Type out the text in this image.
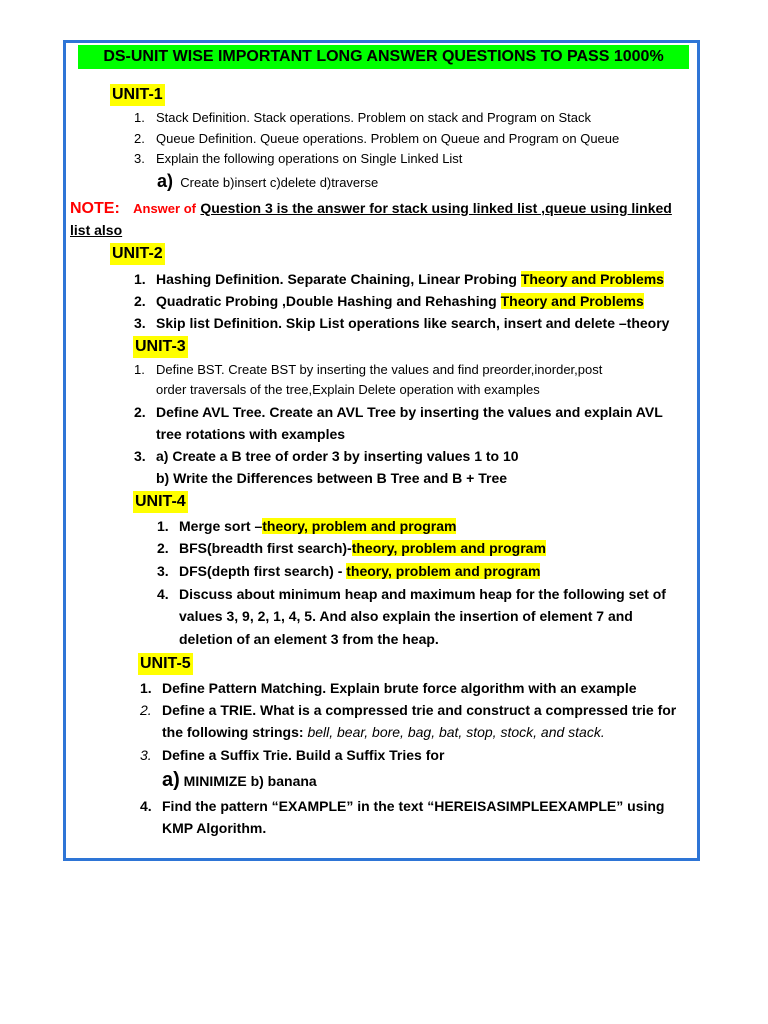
DS-UNIT WISE IMPORTANT LONG ANSWER QUESTIONS TO PASS 1000%
UNIT-1
1. Stack Definition. Stack operations. Problem on stack and Program on Stack
2. Queue Definition. Queue operations. Problem on Queue and Program on Queue
3. Explain the following operations on Single Linked List
a) Create b)insert c)delete d)traverse
NOTE: Answer of Question 3 is the answer for stack using linked list ,queue using linked
list also
UNIT-2
1. Hashing Definition. Separate Chaining, Linear Probing Theory and Problems
2. Quadratic Probing ,Double Hashing and Rehashing Theory and Problems
3. Skip list Definition. Skip List operations like search, insert and delete –theory
UNIT-3
1. Define BST. Create BST by inserting the values and find preorder,inorder,post
order traversals of the tree,Explain Delete operation with examples
2. Define AVL Tree. Create an AVL Tree by inserting the values and explain AVL
tree rotations with examples
3. a) Create a B tree of order 3 by inserting values 1 to 10
b) Write the Differences between B Tree and B + Tree
UNIT-4
1. Merge sort –theory, problem and program
2. BFS(breadth first search)-theory, problem and program
3. DFS(depth first search) - theory, problem and program
4. Discuss about minimum heap and maximum heap for the following set of
values 3, 9, 2, 1, 4, 5. And also explain the insertion of element 7 and
deletion of an element 3 from the heap.
UNIT-5
1. Define Pattern Matching. Explain brute force algorithm with an example
2. Define a TRIE. What is a compressed trie and construct a compressed trie for
the following strings: bell, bear, bore, bag, bat, stop, stock, and stack.
3. Define a Suffix Trie. Build a Suffix Tries for
a) MINIMIZE b) banana
4. Find the pattern “EXAMPLE” in the text “HEREISASIMPLEEXAMPLE” using
KMP Algorithm.
